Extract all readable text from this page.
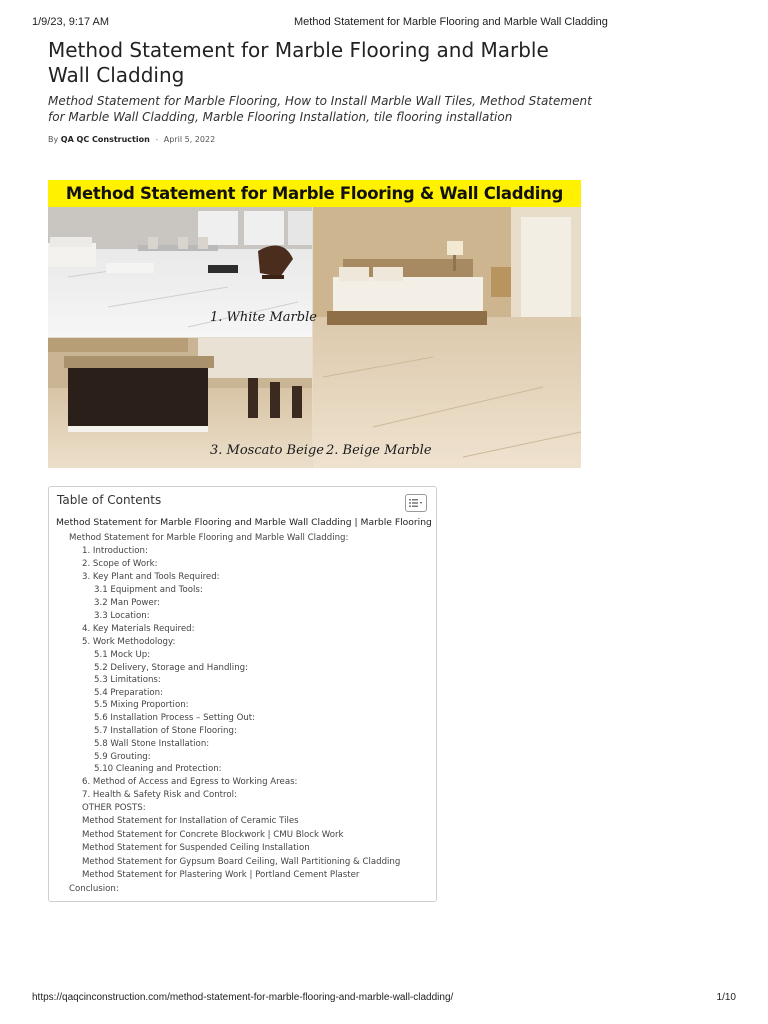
1/9/23, 9:17 AM	Method Statement for Marble Flooring and Marble Wall Cladding
Method Statement for Marble Flooring and Marble Wall Cladding

Method Statement for Marble Flooring, How to Install Marble Wall Tiles, Method Statement for Marble Wall Cladding, Marble Flooring Installation, tile flooring installation

By QA QC Construction - April 5, 2022
Method Statement for Marble Flooring & Wall Cladding
1. White Marble
2. Beige Marble
3. Moscato Beige
Table of Contents
Method Statement for Marble Flooring and Marble Wall Cladding | Marble Flooring
Method Statement for Marble Flooring and Marble Wall Cladding:
1. Introduction:
2. Scope of Work:
3. Key Plant and Tools Required:
3.1 Equipment and Tools:
3.2 Man Power:
3.3 Location:
4. Key Materials Required:
5. Work Methodology:
5.1 Mock Up:
5.2 Delivery, Storage and Handling:
5.3 Limitations:
5.4 Preparation:
5.5 Mixing Proportion:
5.6 Installation Process – Setting Out:
5.7 Installation of Stone Flooring:
5.8 Wall Stone Installation:
5.9 Grouting:
5.10 Cleaning and Protection:
6. Method of Access and Egress to Working Areas:
7. Health & Safety Risk and Control:
OTHER POSTS:
Method Statement for Installation of Ceramic Tiles
Method Statement for Concrete Blockwork | CMU Block Work
Method Statement for Suspended Ceiling Installation
Method Statement for Gypsum Board Ceiling, Wall Partitioning & Cladding
Method Statement for Plastering Work | Portland Cement Plaster
Conclusion:
https://qaqcinconstruction.com/method-statement-for-marble-flooring-and-marble-wall-cladding/	1/10
